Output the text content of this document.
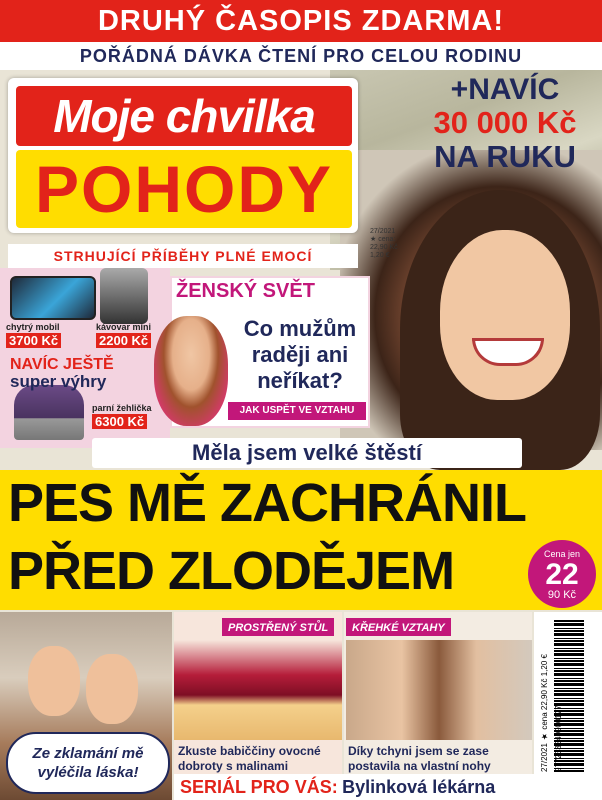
DRUHÝ ČASOPIS ZDARMA!
POŘÁDNÁ DÁVKA ČTENÍ PRO CELOU RODINU
Moje chvilka
POHODY
27/2021
★ cena:
22,90 Kč
1,20 €
+NAVÍC
30 000 Kč
NA RUKU
STRHUJÍCÍ PŘÍBĚHY PLNÉ EMOCÍ
chytrý mobil
3700 Kč
kávovar mini
2200 Kč
parní žehlička
6300 Kč
NAVÍC JEŠTĚ
super výhry
ŽENSKÝ SVĚT
Co mužům raději ani neříkat?
JAK USPĚT VE VZTAHU
Měla jsem velké štěstí
PES MĚ ZACHRÁNIL
PŘED ZLODĚJEM	Cena jen
22
90 Kč
Ze zklamání mě vyléčila láska!
PROSTŘENÝ STŮL
Zkuste babiččiny ovocné dobroty s malinami
KŘEHKÉ VZTAHY
Díky tchyni jsem se zase postavila na vlastní nohy	27/2021 ★ cena 22,90 Kč 1,20 € 977233540900127
SERIÁL PRO VÁS: Bylinková lékárna
